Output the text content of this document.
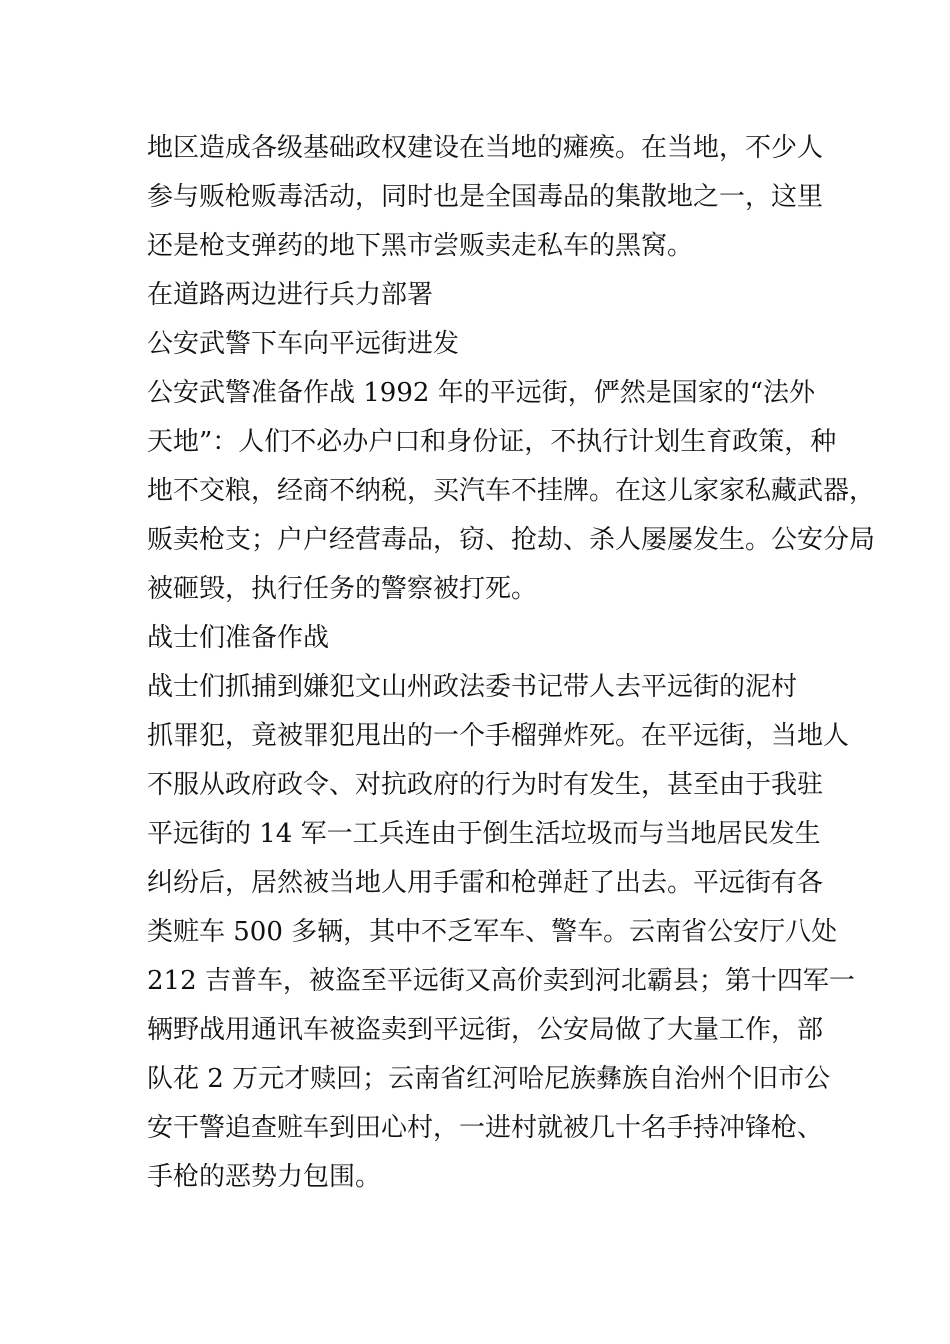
地区造成各级基础政权建设在当地的瘫痪。在当地，不少人
参与贩枪贩毒活动，同时也是全国毒品的集散地之一，这里
还是枪支弹药的地下黑市尝贩卖走私车的黑窝。
在道路两边进行兵力部署
公安武警下车向平远街进发
公安武警准备作战 1992 年的平远街，俨然是国家的“法外
天地”：人们不必办户口和身份证，不执行计划生育政策，种
地不交粮，经商不纳税，买汽车不挂牌。在这儿家家私藏武器，
贩卖枪支；户户经营毒品，窃、抢劫、杀人屡屡发生。公安分局
被砸毁，执行任务的警察被打死。
战士们准备作战
战士们抓捕到嫌犯文山州政法委书记带人去平远街的泥村
抓罪犯，竟被罪犯甩出的一个手榴弹炸死。在平远街，当地人
不服从政府政令、对抗政府的行为时有发生，甚至由于我驻
平远街的 14 军一工兵连由于倒生活垃圾而与当地居民发生
纠纷后，居然被当地人用手雷和枪弹赶了出去。平远街有各
类赃车 500 多辆，其中不乏军车、警车。云南省公安厅八处
212 吉普车，被盗至平远街又高价卖到河北霸县；第十四军一
辆野战用通讯车被盗卖到平远街，公安局做了大量工作，部
队花 2 万元才赎回；云南省红河哈尼族彝族自治州个旧市公
安干警追查赃车到田心村，一进村就被几十名手持冲锋枪、
手枪的恶势力包围。
